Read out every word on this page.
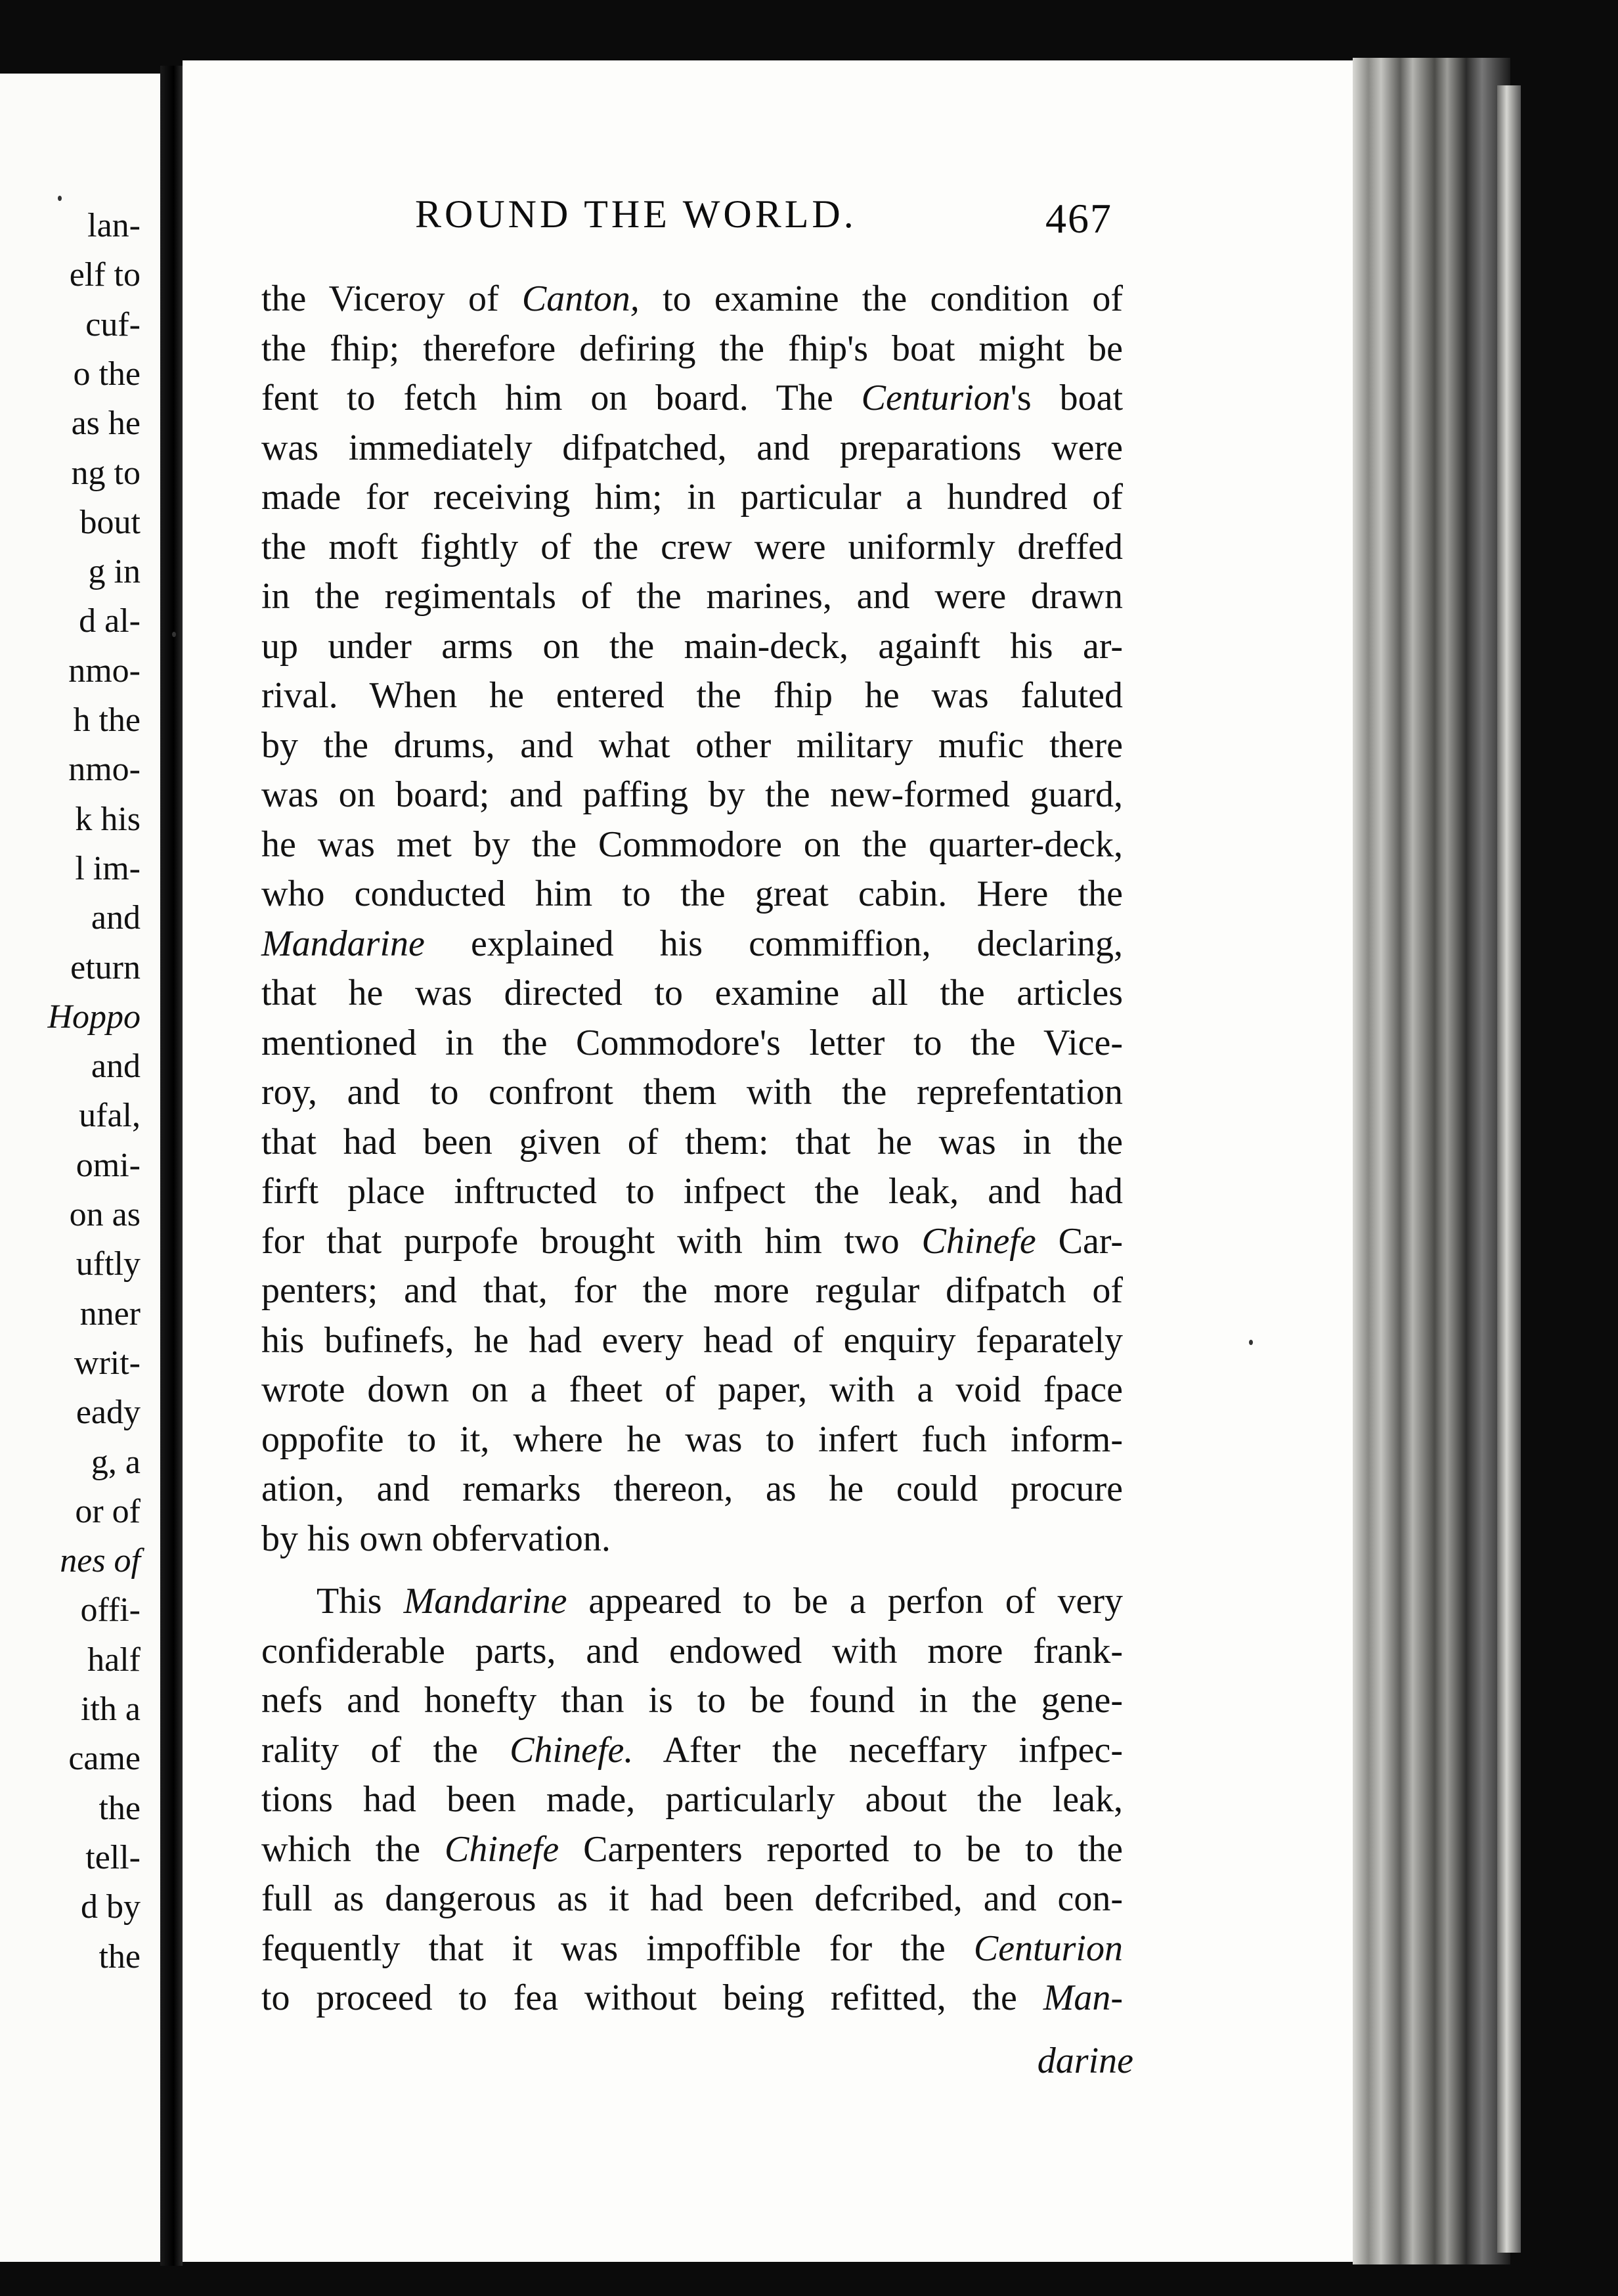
lan-
elf to
cuf-
o the
as he
ng to
bout
g in
d al-
nmo-
h the
nmo-
k his
l im-
and
eturn
Hoppo
and
ufal,
omi-
on as
uftly
nner
writ-
eady
g, a
or of
nes of
offi-
half
ith a
came
the
tell-
d by
the
ROUND THE WORLD.	467
the Viceroy of Canton, to examine the condition of
the fhip; therefore defiring the fhip's boat might be
fent to fetch him on board. The Centurion's boat
was immediately difpatched, and preparations were
made for receiving him; in particular a hundred of
the moft fightly of the crew were uniformly dreffed
in the regimentals of the marines, and were drawn
up under arms on the main-deck, againft his ar-
rival. When he entered the fhip he was faluted
by the drums, and what other military mufic there
was on board; and paffing by the new-formed guard,
he was met by the Commodore on the quarter-deck,
who conducted him to the great cabin. Here the
Mandarine explained his commiffion, declaring,
that he was directed to examine all the articles
mentioned in the Commodore's letter to the Vice-
roy, and to confront them with the reprefentation
that had been given of them: that he was in the
firft place inftructed to infpect the leak, and had
for that purpofe brought with him two Chinefe Car-
penters; and that, for the more regular difpatch of
his bufinefs, he had every head of enquiry feparately
wrote down on a fheet of paper, with a void fpace
oppofite to it, where he was to infert fuch inform-
ation, and remarks thereon, as he could procure
by his own obfervation.
This Mandarine appeared to be a perfon of very
confiderable parts, and endowed with more frank-
nefs and honefty than is to be found in the gene-
rality of the Chinefe. After the neceffary infpec-
tions had been made, particularly about the leak,
which the Chinefe Carpenters reported to be to the
full as dangerous as it had been defcribed, and con-
fequently that it was impoffible for the Centurion
to proceed to fea without being refitted, the Man-
darine
